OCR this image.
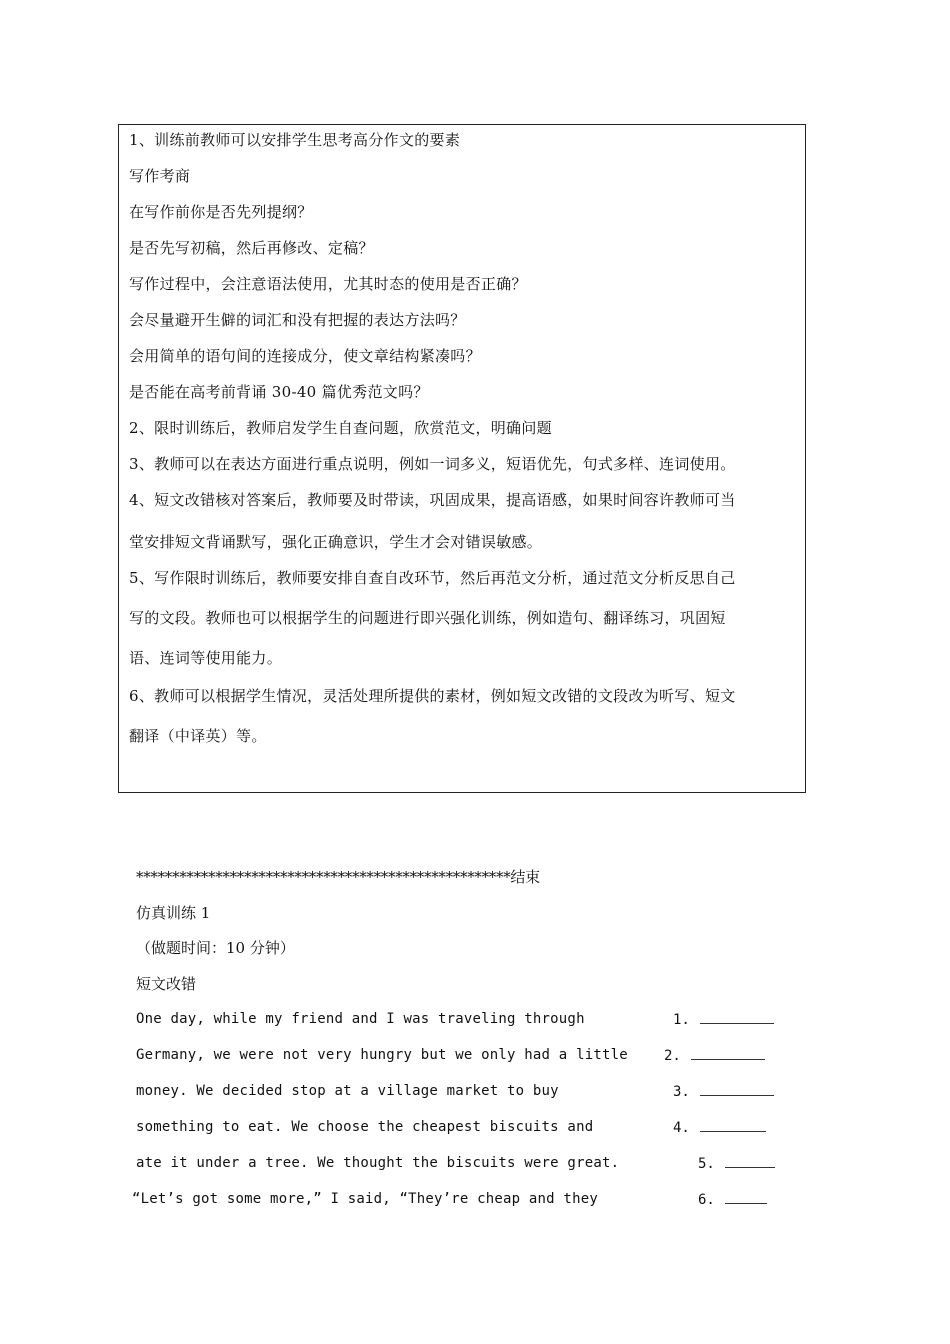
1、训练前教师可以安排学生思考高分作文的要素
写作考商
在写作前你是否先列提纲？
是否先写初稿，然后再修改、定稿？
写作过程中，会注意语法使用，尤其时态的使用是否正确？
会尽量避开生僻的词汇和没有把握的表达方法吗？
会用简单的语句间的连接成分，使文章结构紧凑吗？
是否能在高考前背诵 30-40 篇优秀范文吗？
2、限时训练后，教师启发学生自查问题，欣赏范文，明确问题
3、教师可以在表达方面进行重点说明，例如一词多义，短语优先，句式多样、连词使用。
4、短文改错核对答案后，教师要及时带读，巩固成果，提高语感，如果时间容许教师可当
堂安排短文背诵默写，强化正确意识，学生才会对错误敏感。
5、写作限时训练后，教师要安排自查自改环节，然后再范文分析，通过范文分析反思自己
写的文段。教师也可以根据学生的问题进行即兴强化训练，例如造句、翻译练习，巩固短
语、连词等使用能力。
6、教师可以根据学生情况，灵活处理所提供的素材，例如短文改错的文段改为听写、短文
翻译（中译英）等。
****************************************************结束
仿真训练 1
（做题时间：10 分钟）
短文改错
One day, while my friend and I was traveling through
Germany, we were not very hungry but we only had a little
money. We decided stop at a village market to buy
something to eat. We choose the cheapest biscuits and
ate it under a tree. We thought the biscuits were great.
“Let’s got some more,” I said, “They’re cheap and they
1.
2.
3.
4.
5.
6.
